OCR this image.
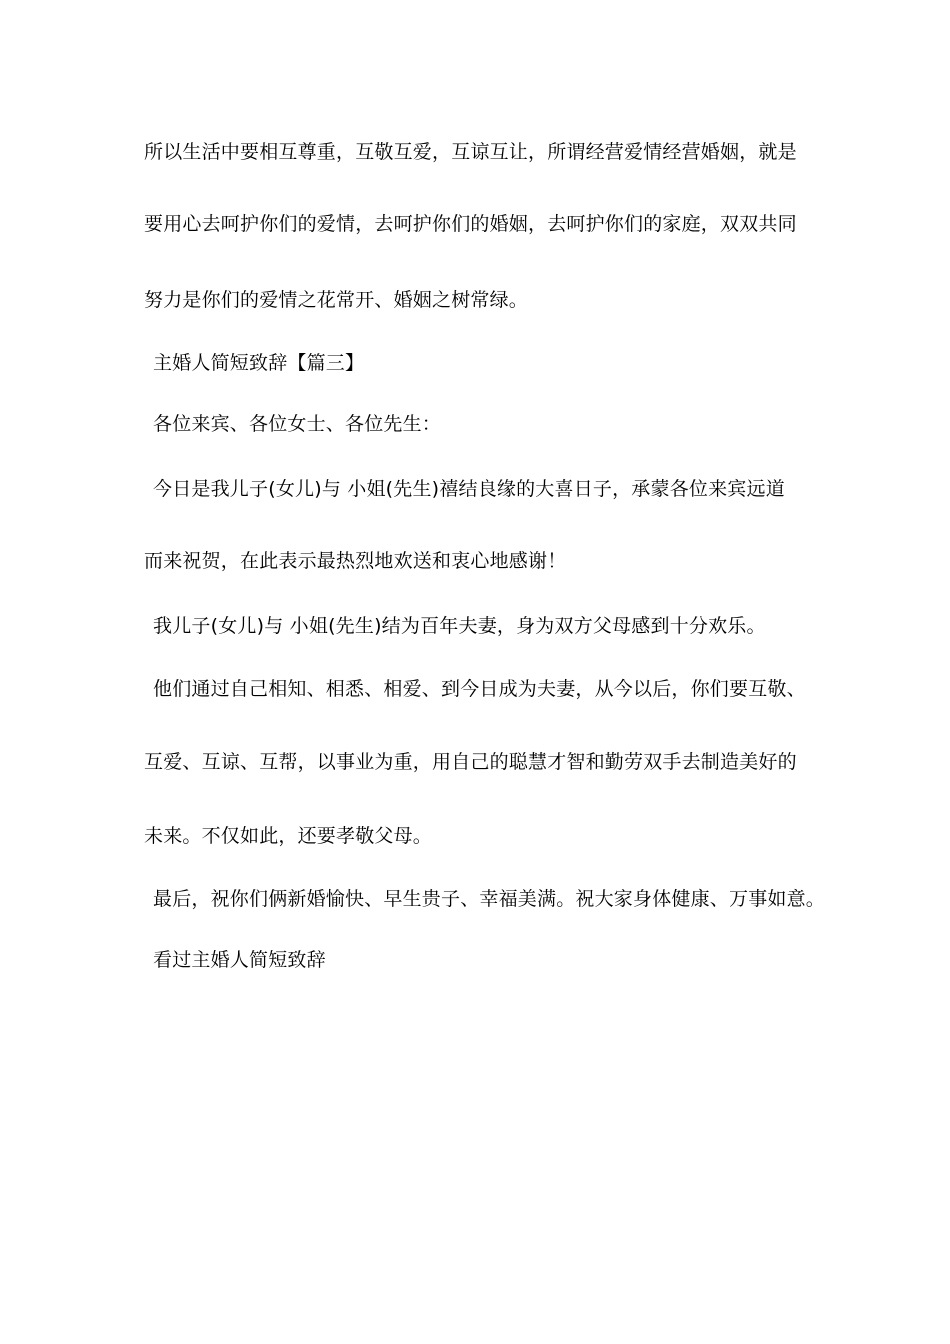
所以生活中要相互尊重，互敬互爱，互谅互让，所谓经营爱情经营婚姻，就是
要用心去呵护你们的爱情，去呵护你们的婚姻，去呵护你们的家庭，双双共同
努力是你们的爱情之花常开、婚姻之树常绿。
主婚人简短致辞【篇三】
各位来宾、各位女士、各位先生：
今日是我儿子(女儿)与 小姐(先生)禧结良缘的大喜日子，承蒙各位来宾远道
而来祝贺，在此表示最热烈地欢送和衷心地感谢！
我儿子(女儿)与 小姐(先生)结为百年夫妻，身为双方父母感到十分欢乐。
他们通过自己相知、相悉、相爱、到今日成为夫妻，从今以后，你们要互敬、
互爱、互谅、互帮，以事业为重，用自己的聪慧才智和勤劳双手去制造美好的
未来。不仅如此，还要孝敬父母。
最后，祝你们俩新婚愉快、早生贵子、幸福美满。祝大家身体健康、万事如意。
看过主婚人简短致辞
